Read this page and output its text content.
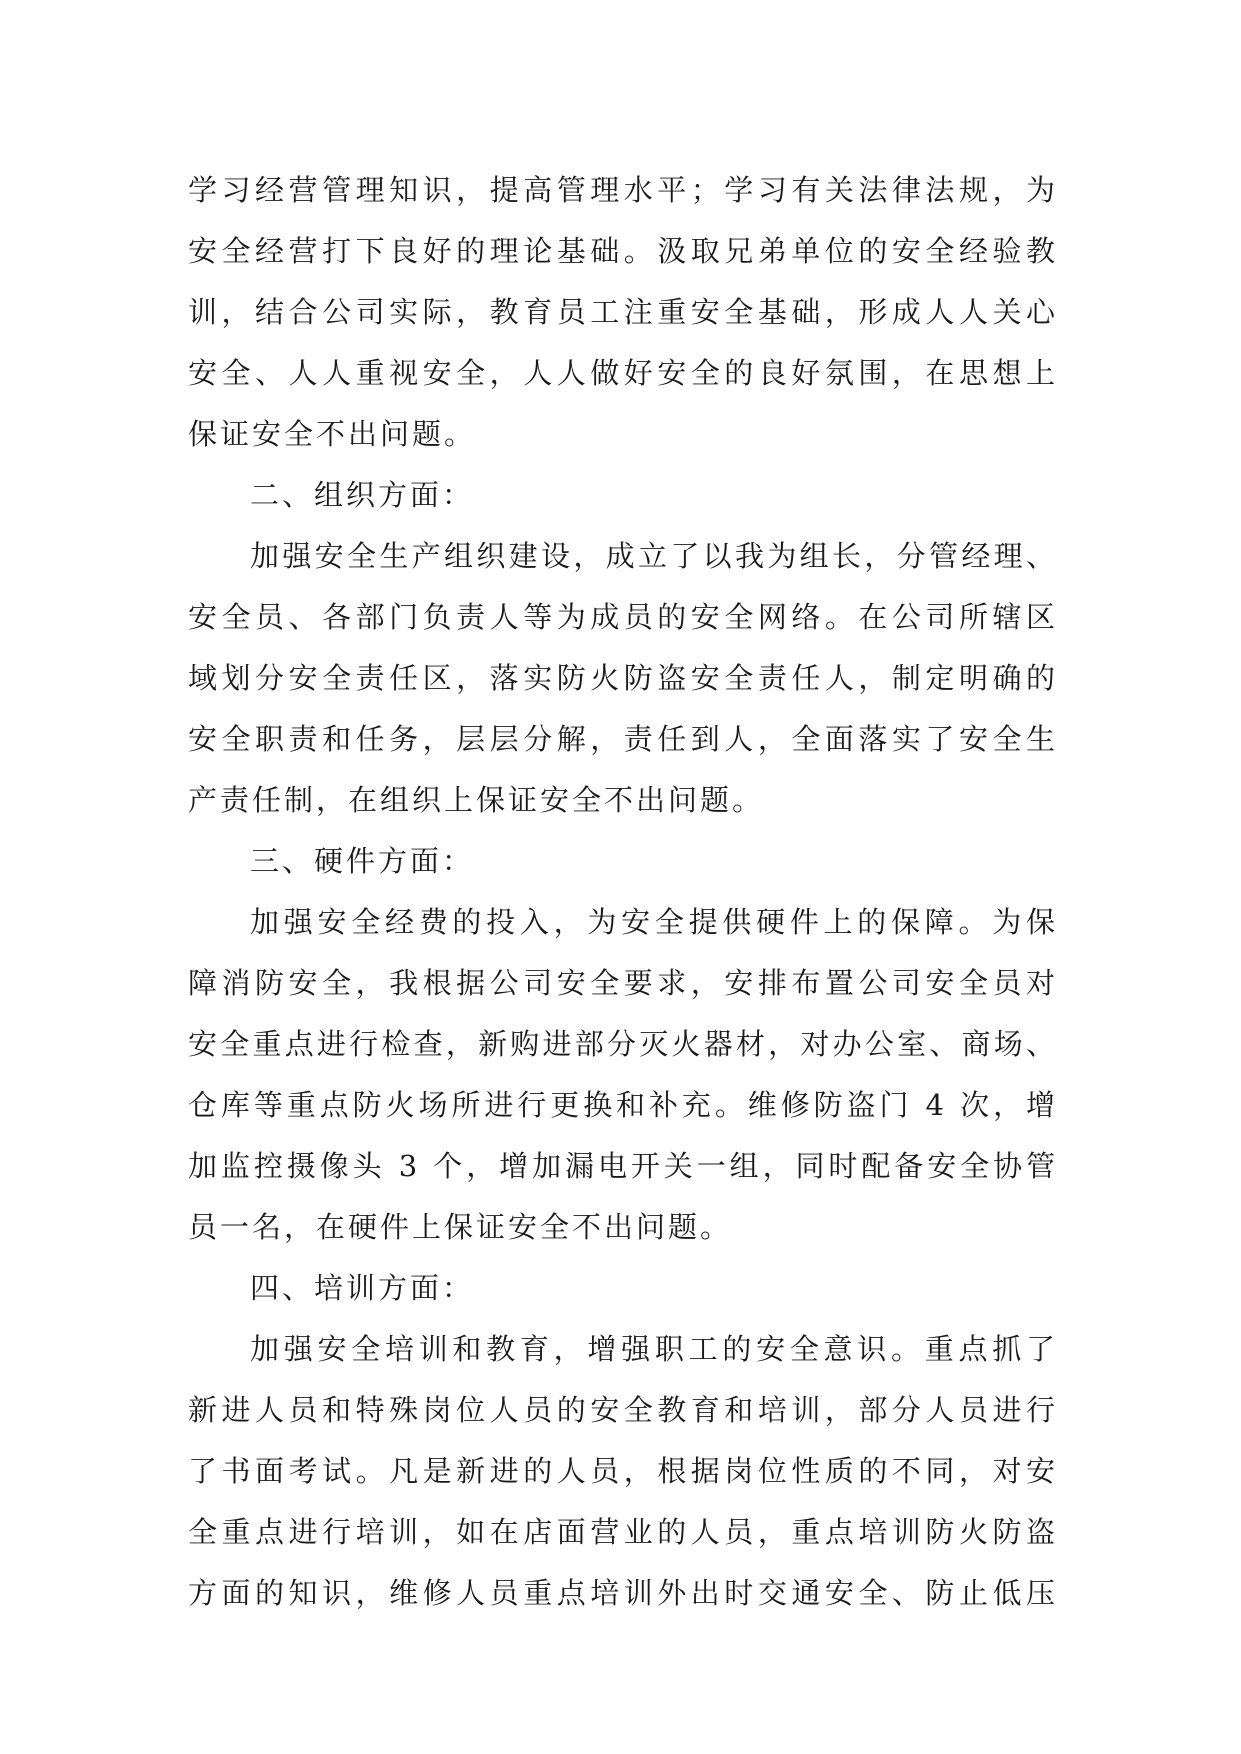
学习经营管理知识，提高管理水平；学习有关法律法规，为
安全经营打下良好的理论基础。汲取兄弟单位的安全经验教
训，结合公司实际，教育员工注重安全基础，形成人人关心
安全、人人重视安全，人人做好安全的良好氛围，在思想上
保证安全不出问题。
二、组织方面：
加强安全生产组织建设，成立了以我为组长，分管经理、
安全员、各部门负责人等为成员的安全网络。在公司所辖区
域划分安全责任区，落实防火防盗安全责任人，制定明确的
安全职责和任务，层层分解，责任到人，全面落实了安全生
产责任制，在组织上保证安全不出问题。
三、硬件方面：
加强安全经费的投入，为安全提供硬件上的保障。为保
障消防安全，我根据公司安全要求，安排布置公司安全员对
安全重点进行检查，新购进部分灭火器材，对办公室、商场、
仓库等重点防火场所进行更换和补充。维修防盗门 4 次，增
加监控摄像头 3 个，增加漏电开关一组，同时配备安全协管
员一名，在硬件上保证安全不出问题。
四、培训方面：
加强安全培训和教育，增强职工的安全意识。重点抓了
新进人员和特殊岗位人员的安全教育和培训，部分人员进行
了书面考试。凡是新进的人员，根据岗位性质的不同，对安
全重点进行培训，如在店面营业的人员，重点培训防火防盗
方面的知识，维修人员重点培训外出时交通安全、防止低压
